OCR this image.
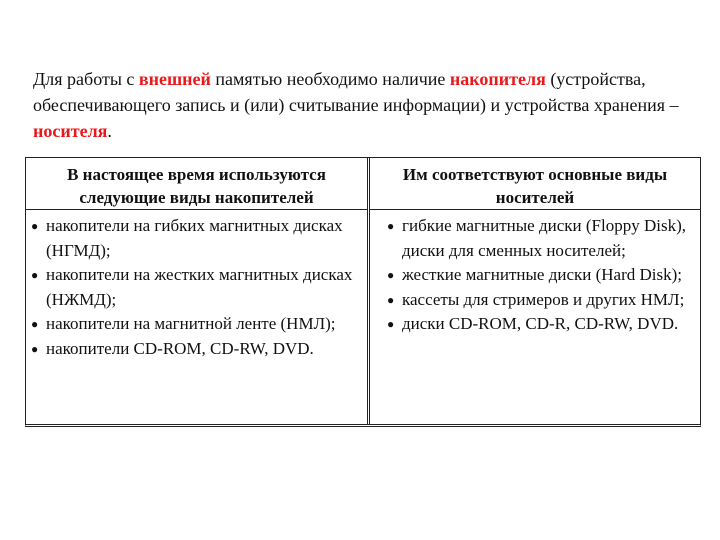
Для работы с внешней памятью необходимо наличие накопителя (устройства, обеспечивающего запись и (или) считывание информации) и устройства хранения – носителя.
В настоящее время используются следующие виды накопителей
● накопители на гибких магнитных дисках (НГМД);
● накопители на жестких магнитных дисках (НЖМД);
● накопители на магнитной ленте (НМЛ);
● накопители CD-ROM, CD-RW, DVD.
Им соответствуют основные виды носителей
● гибкие магнитные диски (Floppy Disk), диски для сменных носителей;
● жесткие магнитные диски (Hard Disk);
● кассеты для стримеров и других НМЛ;
● диски CD-ROM, CD-R, CD-RW, DVD.
